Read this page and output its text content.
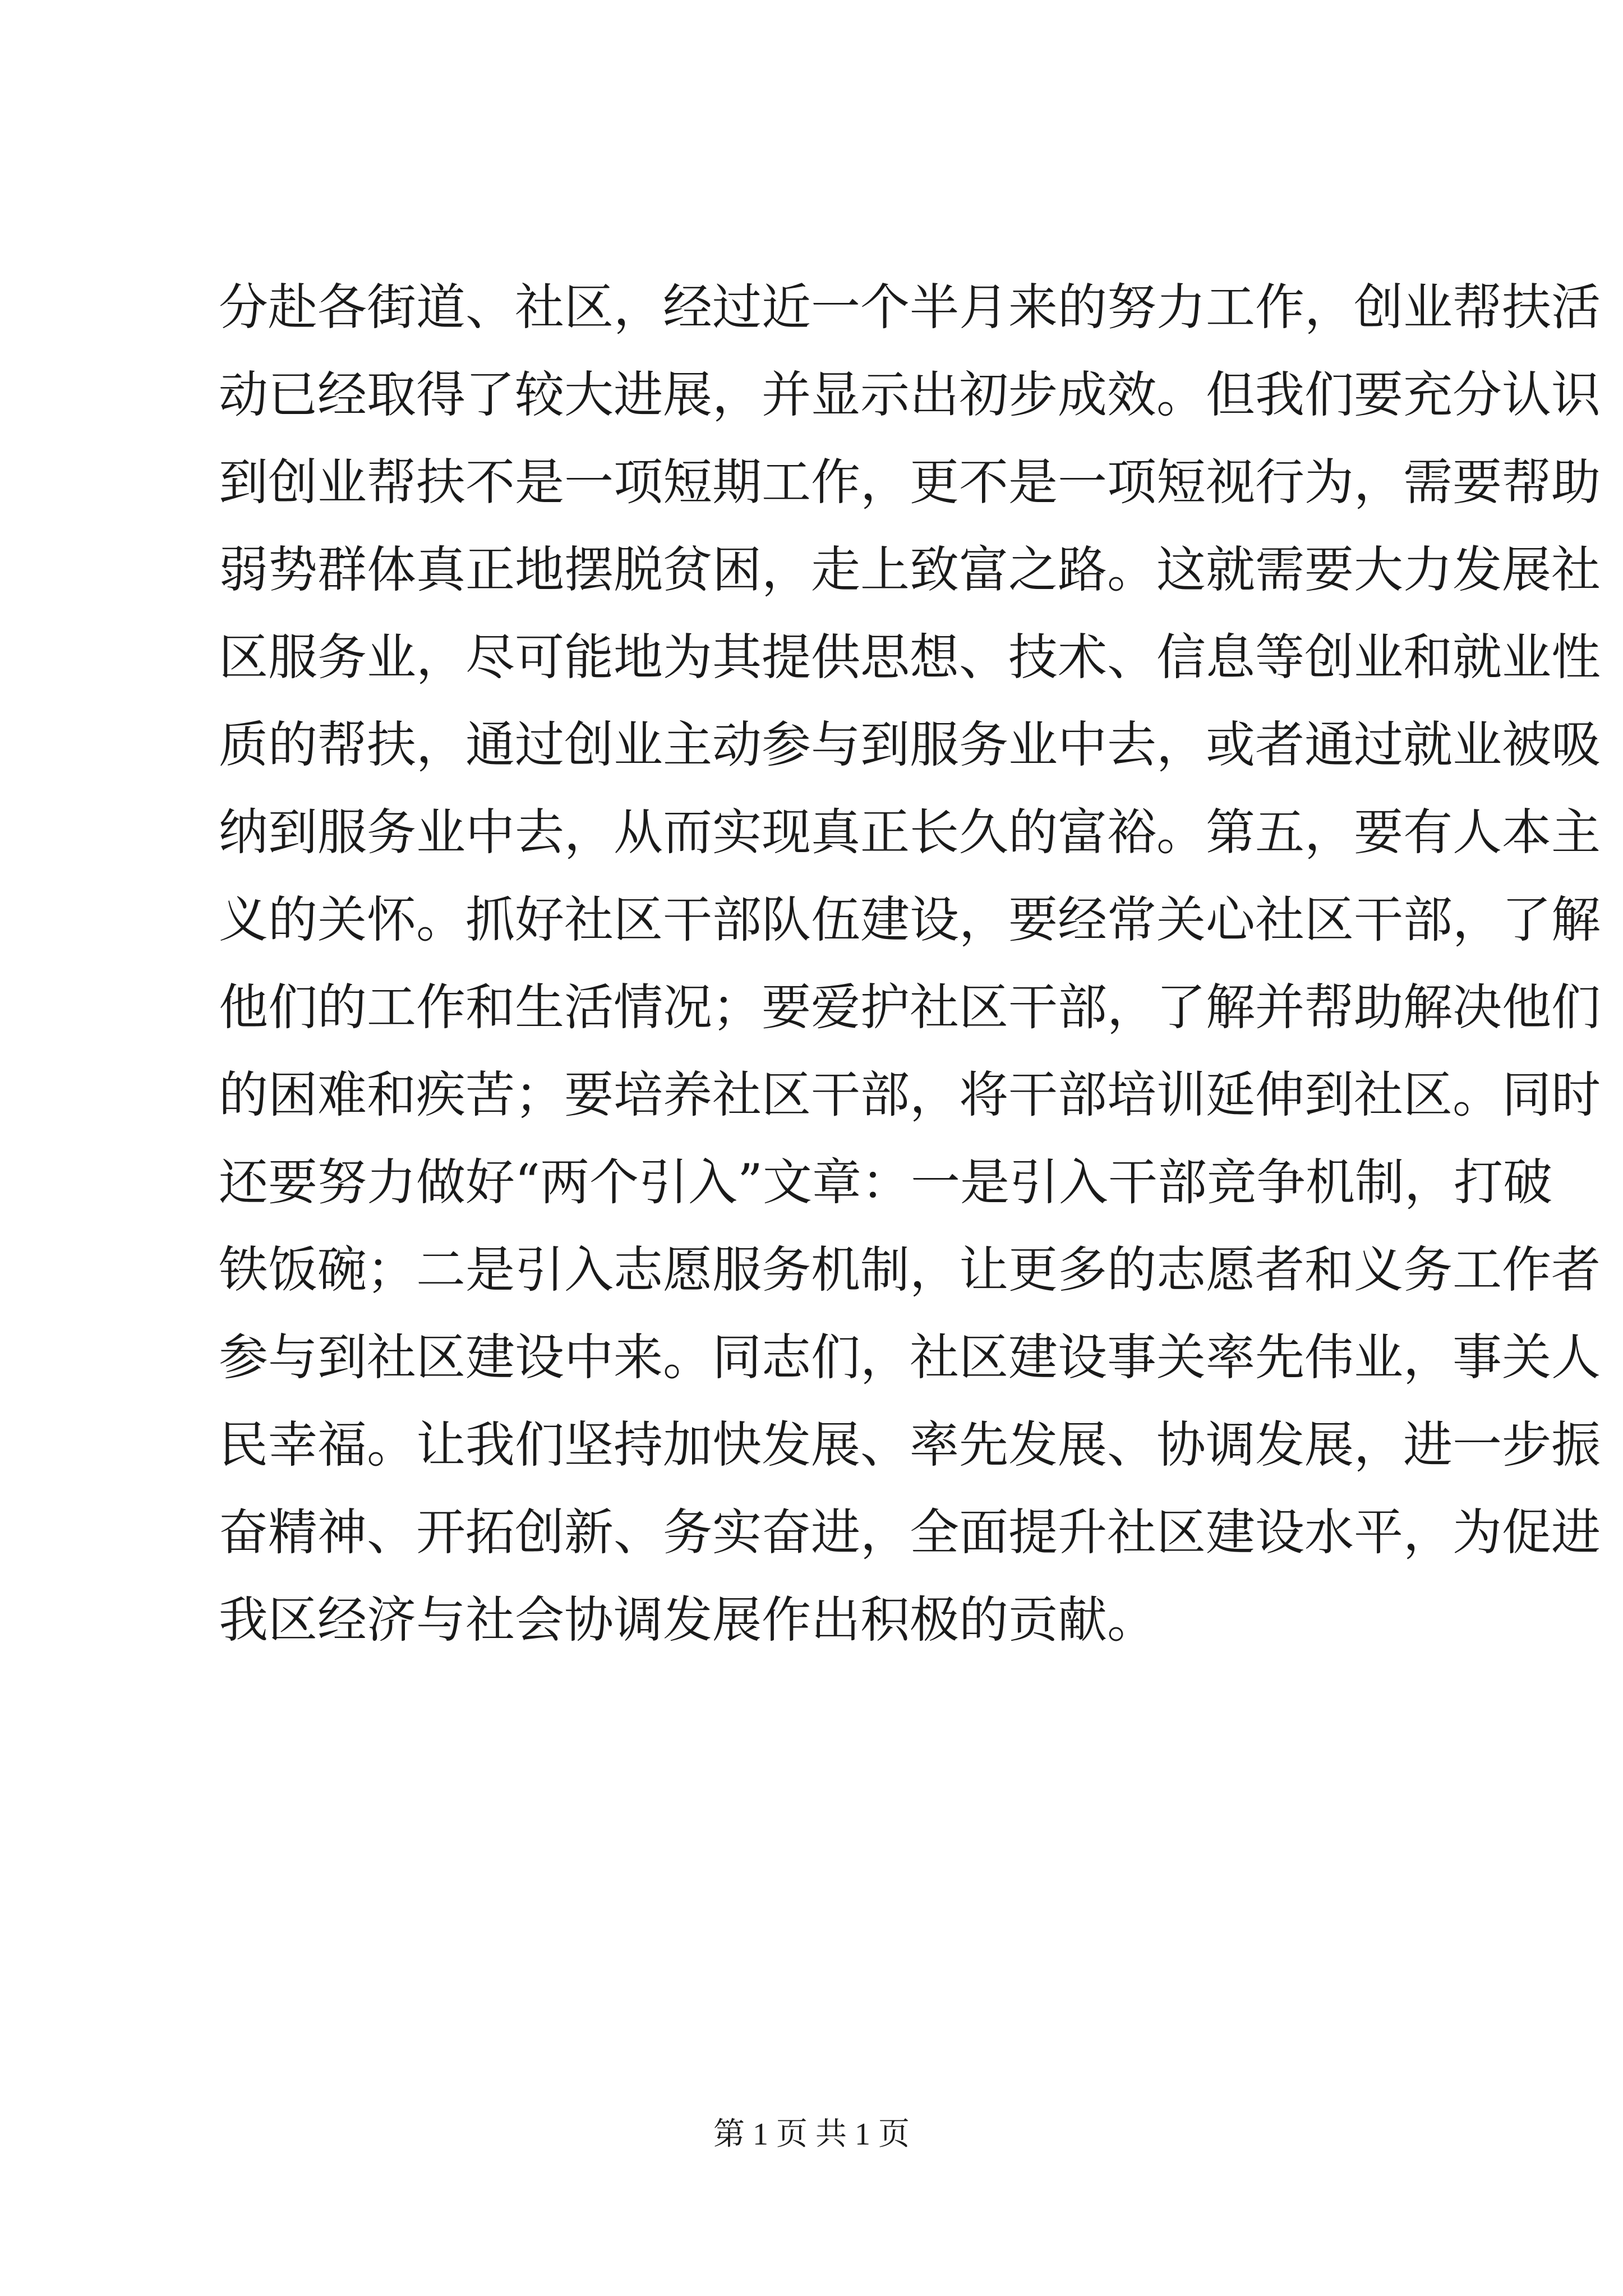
分赴各街道、社区，经过近一个半月来的努力工作，创业帮扶活
动已经取得了较大进展，并显示出初步成效。但我们要充分认识
到创业帮扶不是一项短期工作，更不是一项短视行为，需要帮助
弱势群体真正地摆脱贫困，走上致富之路。这就需要大力发展社
区服务业，尽可能地为其提供思想、技术、信息等创业和就业性
质的帮扶，通过创业主动参与到服务业中去，或者通过就业被吸
纳到服务业中去，从而实现真正长久的富裕。第五，要有人本主
义的关怀。抓好社区干部队伍建设，要经常关心社区干部，了解
他们的工作和生活情况；要爱护社区干部，了解并帮助解决他们
的困难和疾苦；要培养社区干部，将干部培训延伸到社区。同时
还要努力做好“两个引入”文章：一是引入干部竞争机制，打破
铁饭碗；二是引入志愿服务机制，让更多的志愿者和义务工作者
参与到社区建设中来。同志们，社区建设事关率先伟业，事关人
民幸福。让我们坚持加快发展、率先发展、协调发展，进一步振
奋精神、开拓创新、务实奋进，全面提升社区建设水平，为促进
我区经济与社会协调发展作出积极的贡献。
第 1 页 共 1 页
